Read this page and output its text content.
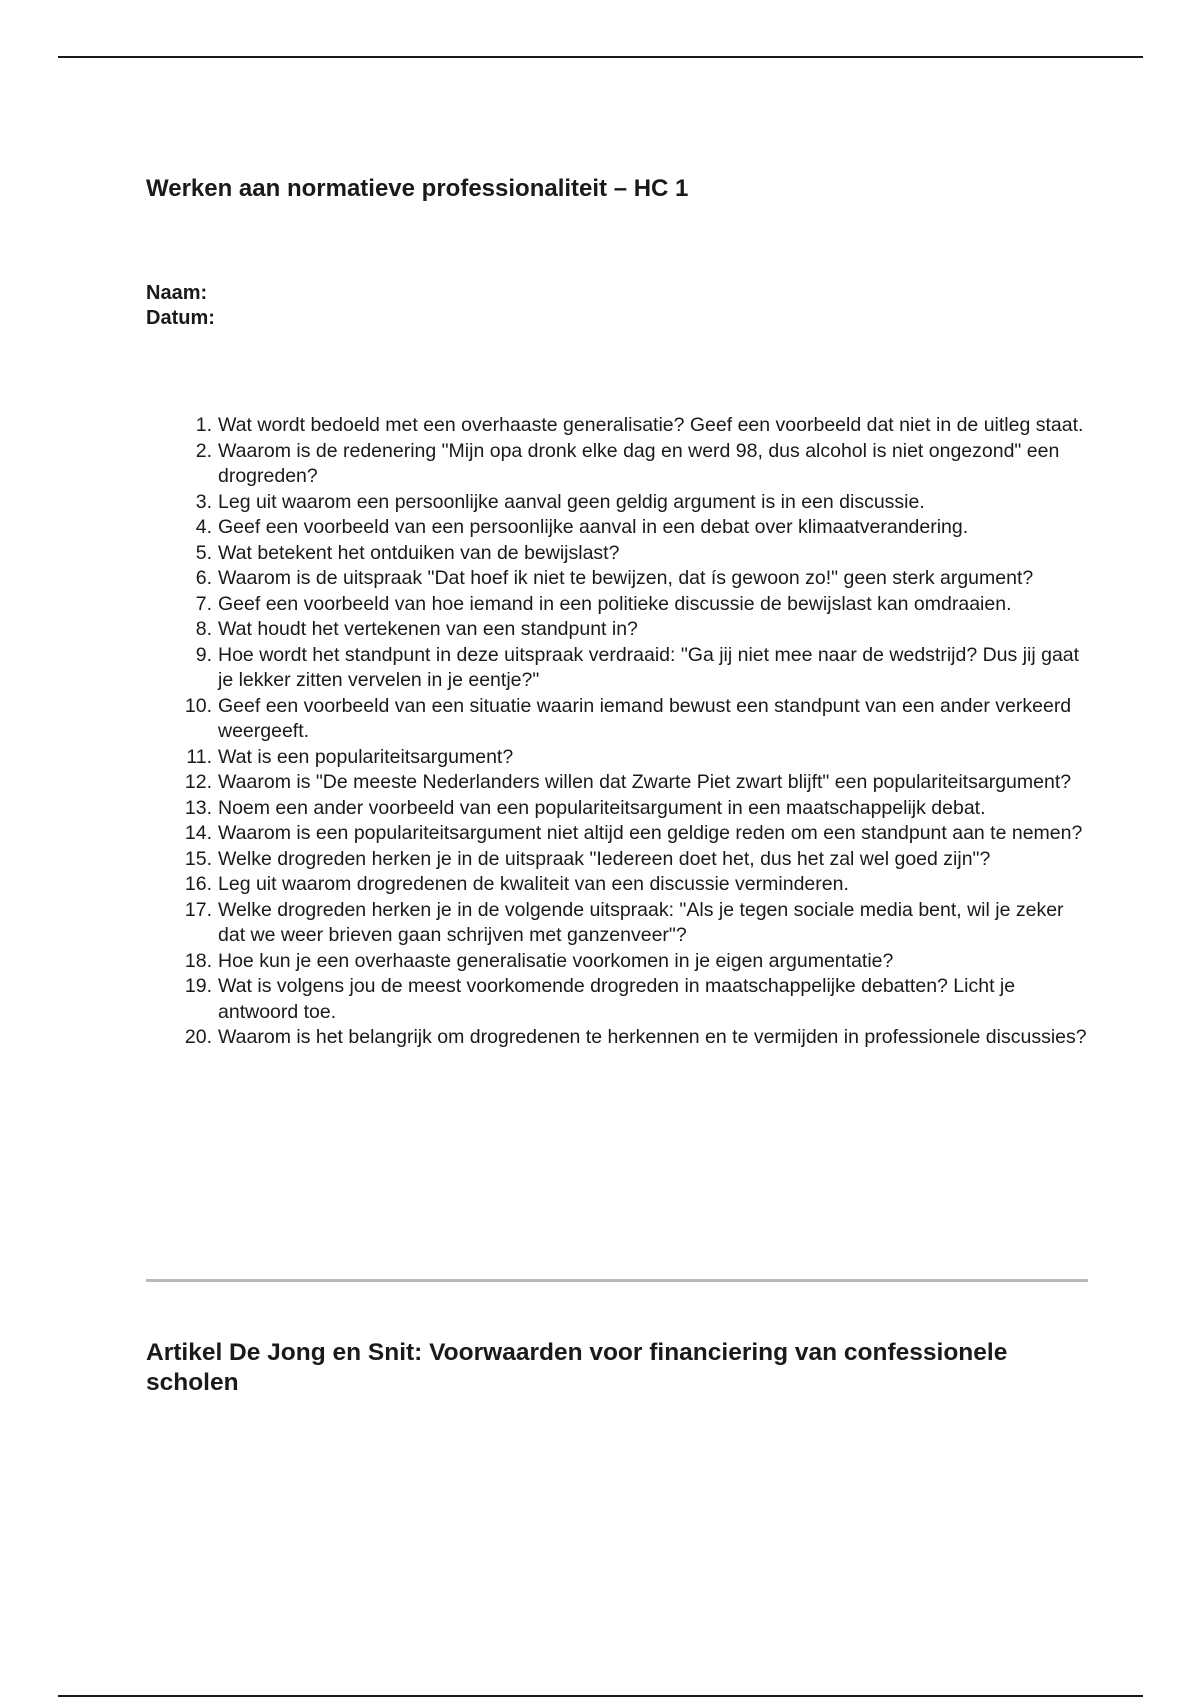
Werken aan normatieve professionaliteit – HC 1
Naam:
Datum:
1. Wat wordt bedoeld met een overhaaste generalisatie? Geef een voorbeeld dat niet in de uitleg staat.
2. Waarom is de redenering "Mijn opa dronk elke dag en werd 98, dus alcohol is niet ongezond" een drogreden?
3. Leg uit waarom een persoonlijke aanval geen geldig argument is in een discussie.
4. Geef een voorbeeld van een persoonlijke aanval in een debat over klimaatverandering.
5. Wat betekent het ontduiken van de bewijslast?
6. Waarom is de uitspraak "Dat hoef ik niet te bewijzen, dat ís gewoon zo!" geen sterk argument?
7. Geef een voorbeeld van hoe iemand in een politieke discussie de bewijslast kan omdraaien.
8. Wat houdt het vertekenen van een standpunt in?
9. Hoe wordt het standpunt in deze uitspraak verdraaid: "Ga jij niet mee naar de wedstrijd? Dus jij gaat je lekker zitten vervelen in je eentje?"
10. Geef een voorbeeld van een situatie waarin iemand bewust een standpunt van een ander verkeerd weergeeft.
11. Wat is een populariteitsargument?
12. Waarom is "De meeste Nederlanders willen dat Zwarte Piet zwart blijft" een populariteitsargument?
13. Noem een ander voorbeeld van een populariteitsargument in een maatschappelijk debat.
14. Waarom is een populariteitsargument niet altijd een geldige reden om een standpunt aan te nemen?
15. Welke drogreden herken je in de uitspraak "Iedereen doet het, dus het zal wel goed zijn"?
16. Leg uit waarom drogredenen de kwaliteit van een discussie verminderen.
17. Welke drogreden herken je in de volgende uitspraak: "Als je tegen sociale media bent, wil je zeker dat we weer brieven gaan schrijven met ganzenveer"?
18. Hoe kun je een overhaaste generalisatie voorkomen in je eigen argumentatie?
19. Wat is volgens jou de meest voorkomende drogreden in maatschappelijke debatten? Licht je antwoord toe.
20. Waarom is het belangrijk om drogredenen te herkennen en te vermijden in professionele discussies?
Artikel De Jong en Snit: Voorwaarden voor financiering van confessionele scholen
